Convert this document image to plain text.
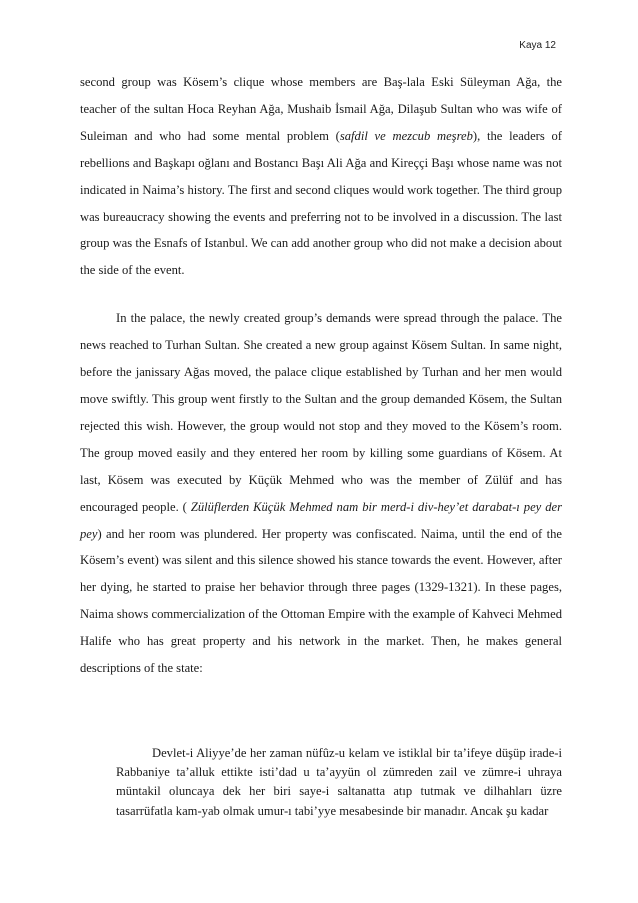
Kaya 12

second group was Kösem’s clique whose members are Baş-lala Eski Süleyman Ağa, the teacher of the sultan Hoca Reyhan Ağa, Mushaib İsmail Ağa, Dilaşub Sultan who was wife of Suleiman and who had some mental problem (safdil ve mezcub meşreb), the leaders of rebellions and Başkapı oğlanı and Bostancı Başı Ali Ağa and Kireççi Başı whose name was not indicated in Naima’s history. The first and second cliques would work together. The third group was bureaucracy showing the events and preferring not to be involved in a discussion. The last group was the Esnafs of Istanbul. We can add another group who did not make a decision about the side of the event.

In the palace, the newly created group’s demands were spread through the palace. The news reached to Turhan Sultan. She created a new group against Kösem Sultan. In same night, before the janissary Ağas moved, the palace clique established by Turhan and her men would move swiftly. This group went firstly to the Sultan and the group demanded Kösem, the Sultan rejected this wish. However, the group would not stop and they moved to the Kösem’s room. The group moved easily and they entered her room by killing some guardians of Kösem. At last, Kösem was executed by Küçük Mehmed who was the member of Zülüf and has encouraged people. ( Zülüflerden Küçük Mehmed nam bir merd-i div-hey’et darabat-ı pey der pey) and her room was plundered. Her property was confiscated. Naima, until the end of the Kösem’s event) was silent and this silence showed his stance towards the event. However, after her dying, he started to praise her behavior through three pages (1329-1321). In these pages, Naima shows commercialization of the Ottoman Empire with the example of Kahveci Mehmed Halife who has great property and his network in the market. Then, he makes general descriptions of the state:

Devlet-i Aliyye’de her zaman nüfûz-u kelam ve istiklal bir ta’ifeye düşüp irade-i Rabbaniye ta’alluk ettikte isti’dad u ta’ayyün ol zümreden zail ve zümre-i uhraya müntakil oluncaya dek her biri saye-i saltanatta atıp tutmak ve dilhahları üzre tasarrüfatla kam-yab olmak umur-ı tabi’yye mesabesinde bir manadır. Ancak şu kadar
